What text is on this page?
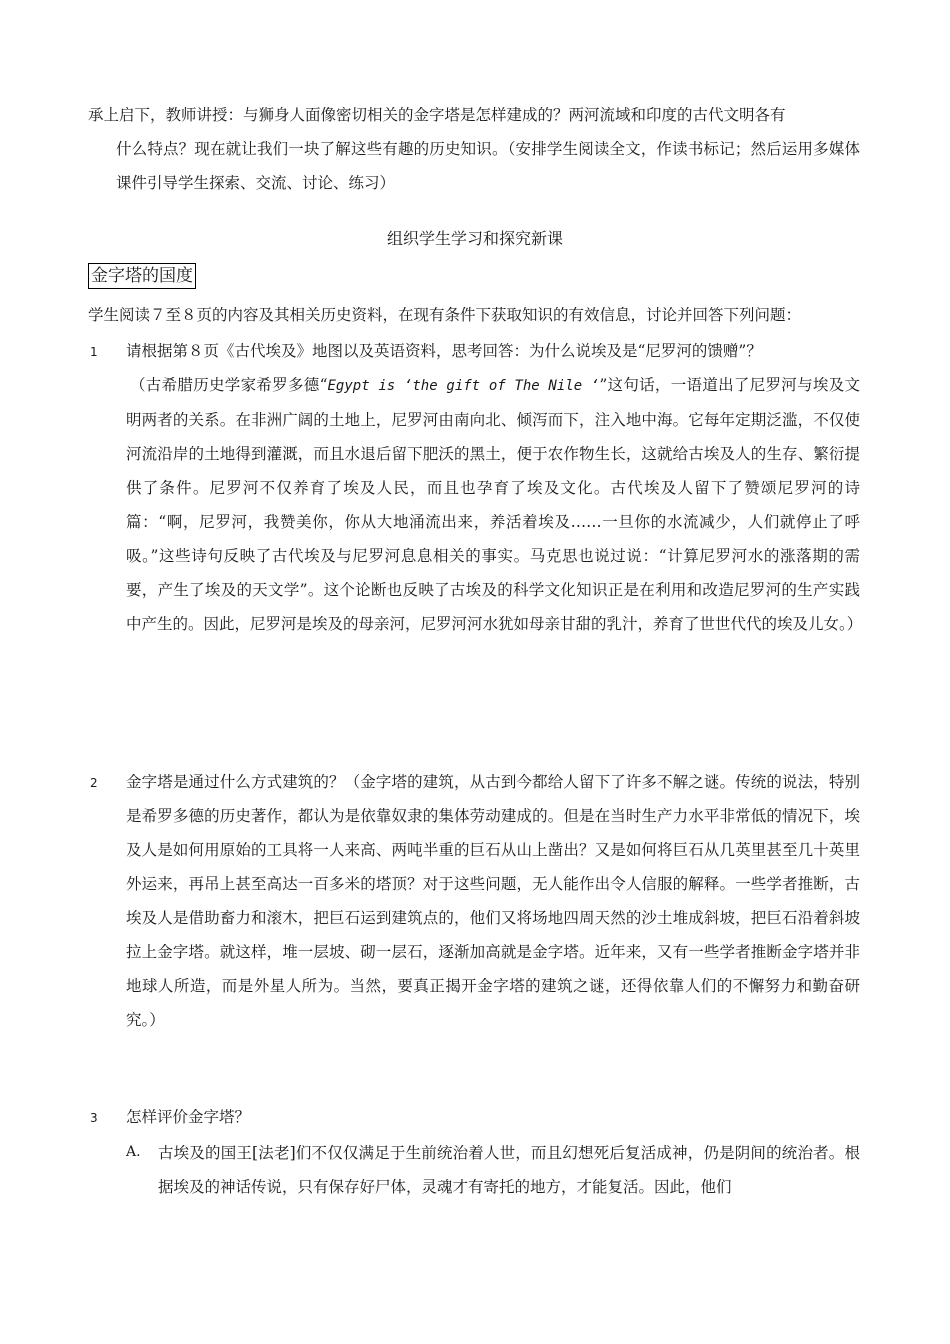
承上启下，教师讲授：与狮身人面像密切相关的金字塔是怎样建成的？两河流域和印度的古代文明各有
什么特点？现在就让我们一块了解这些有趣的历史知识。（安排学生阅读全文，作读书标记；然后运用多媒体课件引导学生探索、交流、讨论、练习）
组织学生学习和探究新课
金字塔的国度
学生阅读７至８页的内容及其相关历史资料，在现有条件下获取知识的有效信息，讨论并回答下列问题：
1 请根据第８页《古代埃及》地图以及英语资料，思考回答：为什么说埃及是“尼罗河的馈赠”？
（古希腊历史学家希罗多德“Egypt is ‘the gift of The Nile ‘”这句话，一语道出了尼罗河与埃及文明两者的关系。在非洲广阔的土地上，尼罗河由南向北、倾泻而下，注入地中海。它每年定期泛滥，不仅使河流沿岸的土地得到灌溉，而且水退后留下肥沃的黑土，便于农作物生长，这就给古埃及人的生存、繁衍提供了条件。尼罗河不仅养育了埃及人民，而且也孕育了埃及文化。古代埃及人留下了赞颂尼罗河的诗篇：“啊，尼罗河，我赞美你，你从大地涌流出来，养活着埃及……一旦你的水流减少，人们就停止了呼吸。”这些诗句反映了古代埃及与尼罗河息息相关的事实。马克思也说过说：“计算尼罗河水的涨落期的需要，产生了埃及的天文学”。这个论断也反映了古埃及的科学文化知识正是在利用和改造尼罗河的生产实践中产生的。因此，尼罗河是埃及的母亲河，尼罗河河水犹如母亲甘甜的乳汁，养育了世世代代的埃及儿女。）
2 金字塔是通过什么方式建筑的？（金字塔的建筑，从古到今都给人留下了许多不解之谜。传统的说法，特别是希罗多德的历史著作，都认为是依靠奴隶的集体劳动建成的。但是在当时生产力水平非常低的情况下，埃及人是如何用原始的工具将一人来高、两吨半重的巨石从山上凿出？又是如何将巨石从几英里甚至几十英里外运来，再吊上甚至高达一百多米的塔顶？对于这些问题，无人能作出令人信服的解释。一些学者推断，古埃及人是借助畜力和滚木，把巨石运到建筑点的，他们又将场地四周天然的沙土堆成斜坡，把巨石沿着斜坡拉上金字塔。就这样，堆一层坡、砌一层石，逐渐加高就是金字塔。近年来，又有一些学者推断金字塔并非地球人所造，而是外星人所为。当然，要真正揭开金字塔的建筑之谜，还得依靠人们的不懈努力和勤奋研究。）
3 怎样评价金字塔？
A. 古埃及的国王[法老]们不仅仅满足于生前统治着人世，而且幻想死后复活成神，仍是阴间的统治者。根据埃及的神话传说，只有保存好尸体，灵魂才有寄托的地方，才能复活。因此，他们
